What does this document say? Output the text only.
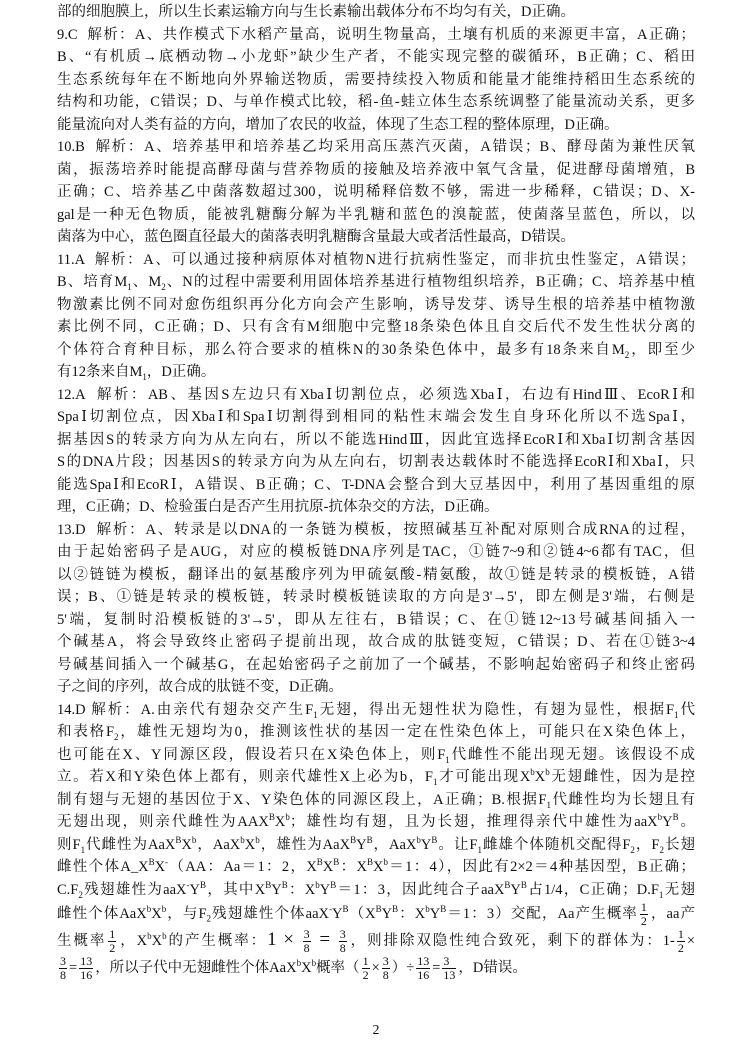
部的细胞膜上，所以生长素运输方向与生长素输出载体分布不均匀有关，D正确。
9.C  解析：A、共作模式下水稻产量高，说明生物量高，土壤有机质的来源更丰富，A正确；
B、“有机质→底栖动物→小龙虾”缺少生产者，不能实现完整的碳循环，B正确；C、稻田
生态系统每年在不断地向外界输送物质，需要持续投入物质和能量才能维持稻田生态系统的
结构和功能，C错误；D、与单作模式比较，稻-鱼-蛙立体生态系统调整了能量流动关系，更多
能量流向对人类有益的方向，增加了农民的收益，体现了生态工程的整体原理，D正确。
10.B  解析：A、培养基甲和培养基乙均采用高压蒸汽灭菌，A错误；B、酵母菌为兼性厌氧
菌，振荡培养时能提高酵母菌与营养物质的接触及培养液中氧气含量，促进酵母菌增殖，B
正确；C、培养基乙中菌落数超过300，说明稀释倍数不够，需进一步稀释，C错误；D、X-
gal是一种无色物质，能被乳糖酶分解为半乳糖和蓝色的溴靛蓝，使菌落呈蓝色，所以，以
菌落为中心，蓝色圈直径最大的菌落表明乳糖酶含量最大或者活性最高，D错误。
11.A  解析：A、可以通过接种病原体对植物N进行抗病性鉴定，而非抗虫性鉴定，A错误；
B、培育$M_1$、$M_2$、N的过程中需要利用固体培养基进行植物组织培养，B正确；C、培养基中植
物激素比例不同对愈伤组织再分化方向会产生影响，诱导发芽、诱导生根的培养基中植物激
素比例不同，C正确；D、只有含有M细胞中完整18条染色体且自交后代不发生性状分离的
个体符合育种目标，那么符合要求的植株N的30条染色体中，最多有18条来自$M_2$，即至少
有12条来自$M_1$，D正确。
12.A  解析：AB、基因S左边只有XbaⅠ切割位点，必须选XbaⅠ，右边有HindⅢ、EcoRⅠ和
SpaⅠ切割位点，因XbaⅠ和SpaⅠ切割得到相同的粘性末端会发生自身环化所以不选SpaⅠ，
据基因S的转录方向为从左向右，所以不能选HindⅢ，因此宜选择EcoRⅠ和XbaⅠ切割含基因
S的DNA片段；因基因S的转录方向为从左向右，切割表达载体时不能选择EcoRⅠ和XbaⅠ，只
能选SpaⅠ和EcoRⅠ，A错误、B正确；C、T-DNA会整合到大豆基因中，利用了基因重组的原
理，C正确；D、检验蛋白是否产生用抗原-抗体杂交的方法，D正确。
13.D  解析：A、转录是以DNA的一条链为模板，按照碱基互补配对原则合成RNA的过程，
由于起始密码子是AUG，对应的模板链DNA序列是TAC，①链7~9和②链4~6都有TAC，但
以②链链为模板，翻译出的氨基酸序列为甲硫氨酸-精氨酸，故①链是转录的模板链，A错
误；B、①链是转录的模板链，转录时模板链读取的方向是3'→5'，即左侧是3'端，右侧是
5'端，复制时沿模板链的3'→5'，即从左往右，B错误；C、在①链12~13号碱基间插入一
个碱基A，将会导致终止密码子提前出现，故合成的肽链变短，C错误；D、若在①链3~4
号碱基间插入一个碱基G，在起始密码子之前加了一个碱基，不影响起始密码子和终止密码
子之间的序列，故合成的肽链不变，D正确。
14.D 解析：A.由亲代有翅杂交产生$F_1$无翅，得出无翅性状为隐性，有翅为显性，根据$F_1$代
和表格$F_2$，雄性无翅均为0，推测该性状的基因一定在性染色体上，可能只在X染色体上，
也可能在X、Y同源区段，假设若只在X染色体上，则$F_1$代雌性不能出现无翅。该假设不成
立。若X和Y染色体上都有，则亲代雄性X上必为b，$F_1$才可能出现$X^bX^b$无翅雌性，因为是控
制有翅与无翅的基因位于X、Y染色体的同源区段上，A正确；B.根据$F_1$代雌性均为长翅且有
无翅出现，则亲代雌性为$AAX^BX^b$；雄性均有翅，且为长翅，推理得亲代中雄性为$aaX^bY^B$。
则$F_1$代雌性为$AaX^BX^b$，$AaX^bX^b$，雄性为$AaX^BY^B$，$AaX^bY^B$。让$F_1$雌雄个体随机交配得$F_2$，$F_2$长翅
雌性个体$A\_X^BX^-(AA$：Aa＝1：2，$X^BX^B$：$X^BX^b=1$：4），因此有2×2＝4种基因型，B正确；
$C.F_2$残翅雄性为$aaX^-Y^B$，其中$X^BY^B$：$X^bY^B=1$：3，因此纯合子$aaX^BY^B$占1/4，C正确；$D.F_1$无翅
雌性个体$AaX^bX^b$，与$F_2$残翅雄性个体$aaX^-Y^B(X^BY^B$：$X^bY^B=1$：3）交配，Aa产生概率 $\frac{1}{2}$ ，aa产
生概率 $\frac{1}{2}$ ，$X^bX^b$的产生概率：$1 \times \frac{3}{8} = \frac{3}{8}$ ，则排除双隐性纯合致死，剩下的群体为：$1- \frac{1}{2}$ ×
$\frac{3}{8} = \frac{13}{16}$ ，所以子代中无翅雌性个体$AaX^bX^b$概率（ $\frac{1}{2} \times \frac{3}{8}$ ）÷ $\frac{13}{16} = \frac{3}{13}$ ，D错误。
2
